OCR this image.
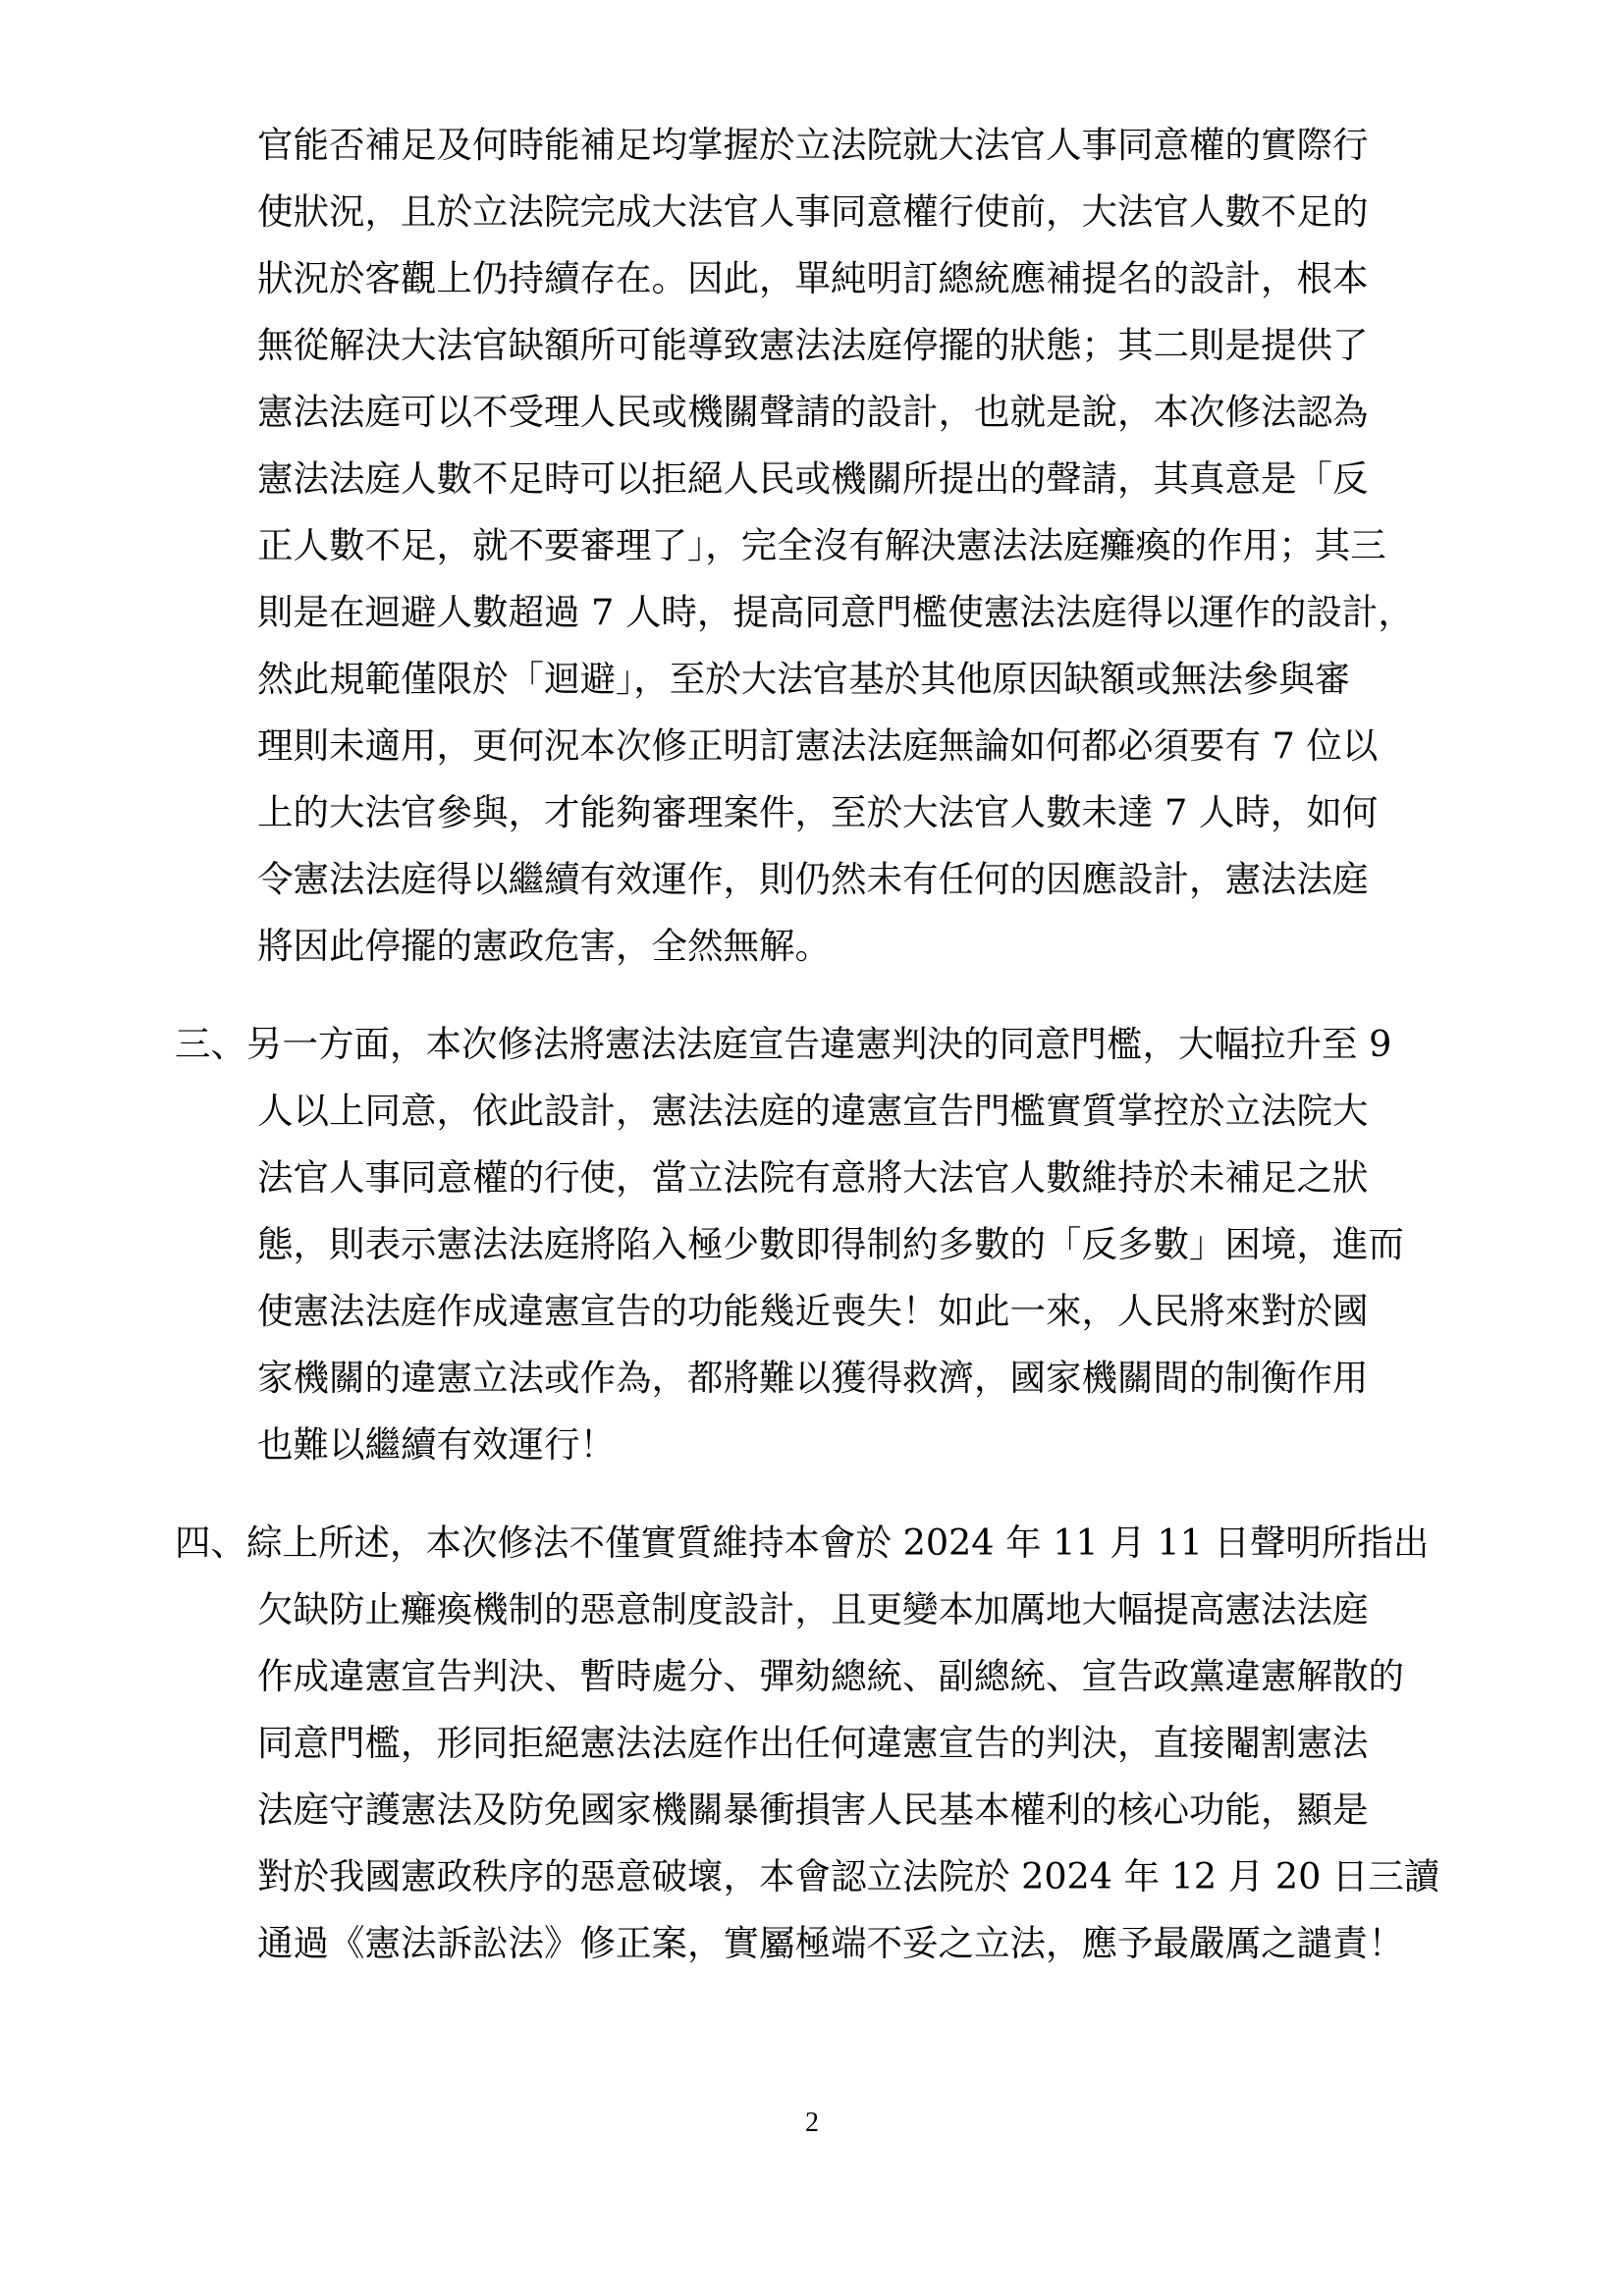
官能否補足及何時能補足均掌握於立法院就大法官人事同意權的實際行
使狀況，且於立法院完成大法官人事同意權行使前，大法官人數不足的
狀況於客觀上仍持續存在。因此，單純明訂總統應補提名的設計，根本
無從解決大法官缺額所可能導致憲法法庭停擺的狀態；其二則是提供了
憲法法庭可以不受理人民或機關聲請的設計，也就是說，本次修法認為
憲法法庭人數不足時可以拒絕人民或機關所提出的聲請，其真意是「反
正人數不足，就不要審理了」，完全沒有解決憲法法庭癱瘓的作用；其三
則是在迴避人數超過 7 人時，提高同意門檻使憲法法庭得以運作的設計，
然此規範僅限於「迴避」，至於大法官基於其他原因缺額或無法參與審
理則未適用，更何況本次修正明訂憲法法庭無論如何都必須要有 7 位以
上的大法官參與，才能夠審理案件，至於大法官人數未達 7 人時，如何
令憲法法庭得以繼續有效運作，則仍然未有任何的因應設計，憲法法庭
將因此停擺的憲政危害，全然無解。
三、另一方面，本次修法將憲法法庭宣告違憲判決的同意門檻，大幅拉升至 9
人以上同意，依此設計，憲法法庭的違憲宣告門檻實質掌控於立法院大
法官人事同意權的行使，當立法院有意將大法官人數維持於未補足之狀
態，則表示憲法法庭將陷入極少數即得制約多數的「反多數」困境，進而
使憲法法庭作成違憲宣告的功能幾近喪失！如此一來，人民將來對於國
家機關的違憲立法或作為，都將難以獲得救濟，國家機關間的制衡作用
也難以繼續有效運行！
四、綜上所述，本次修法不僅實質維持本會於 2024 年 11 月 11 日聲明所指出
欠缺防止癱瘓機制的惡意制度設計，且更變本加厲地大幅提高憲法法庭
作成違憲宣告判決、暫時處分、彈劾總統、副總統、宣告政黨違憲解散的
同意門檻，形同拒絕憲法法庭作出任何違憲宣告的判決，直接閹割憲法
法庭守護憲法及防免國家機關暴衝損害人民基本權利的核心功能，顯是
對於我國憲政秩序的惡意破壞，本會認立法院於 2024 年 12 月 20 日三讀
通過《憲法訴訟法》修正案，實屬極端不妥之立法，應予最嚴厲之譴責！
2
